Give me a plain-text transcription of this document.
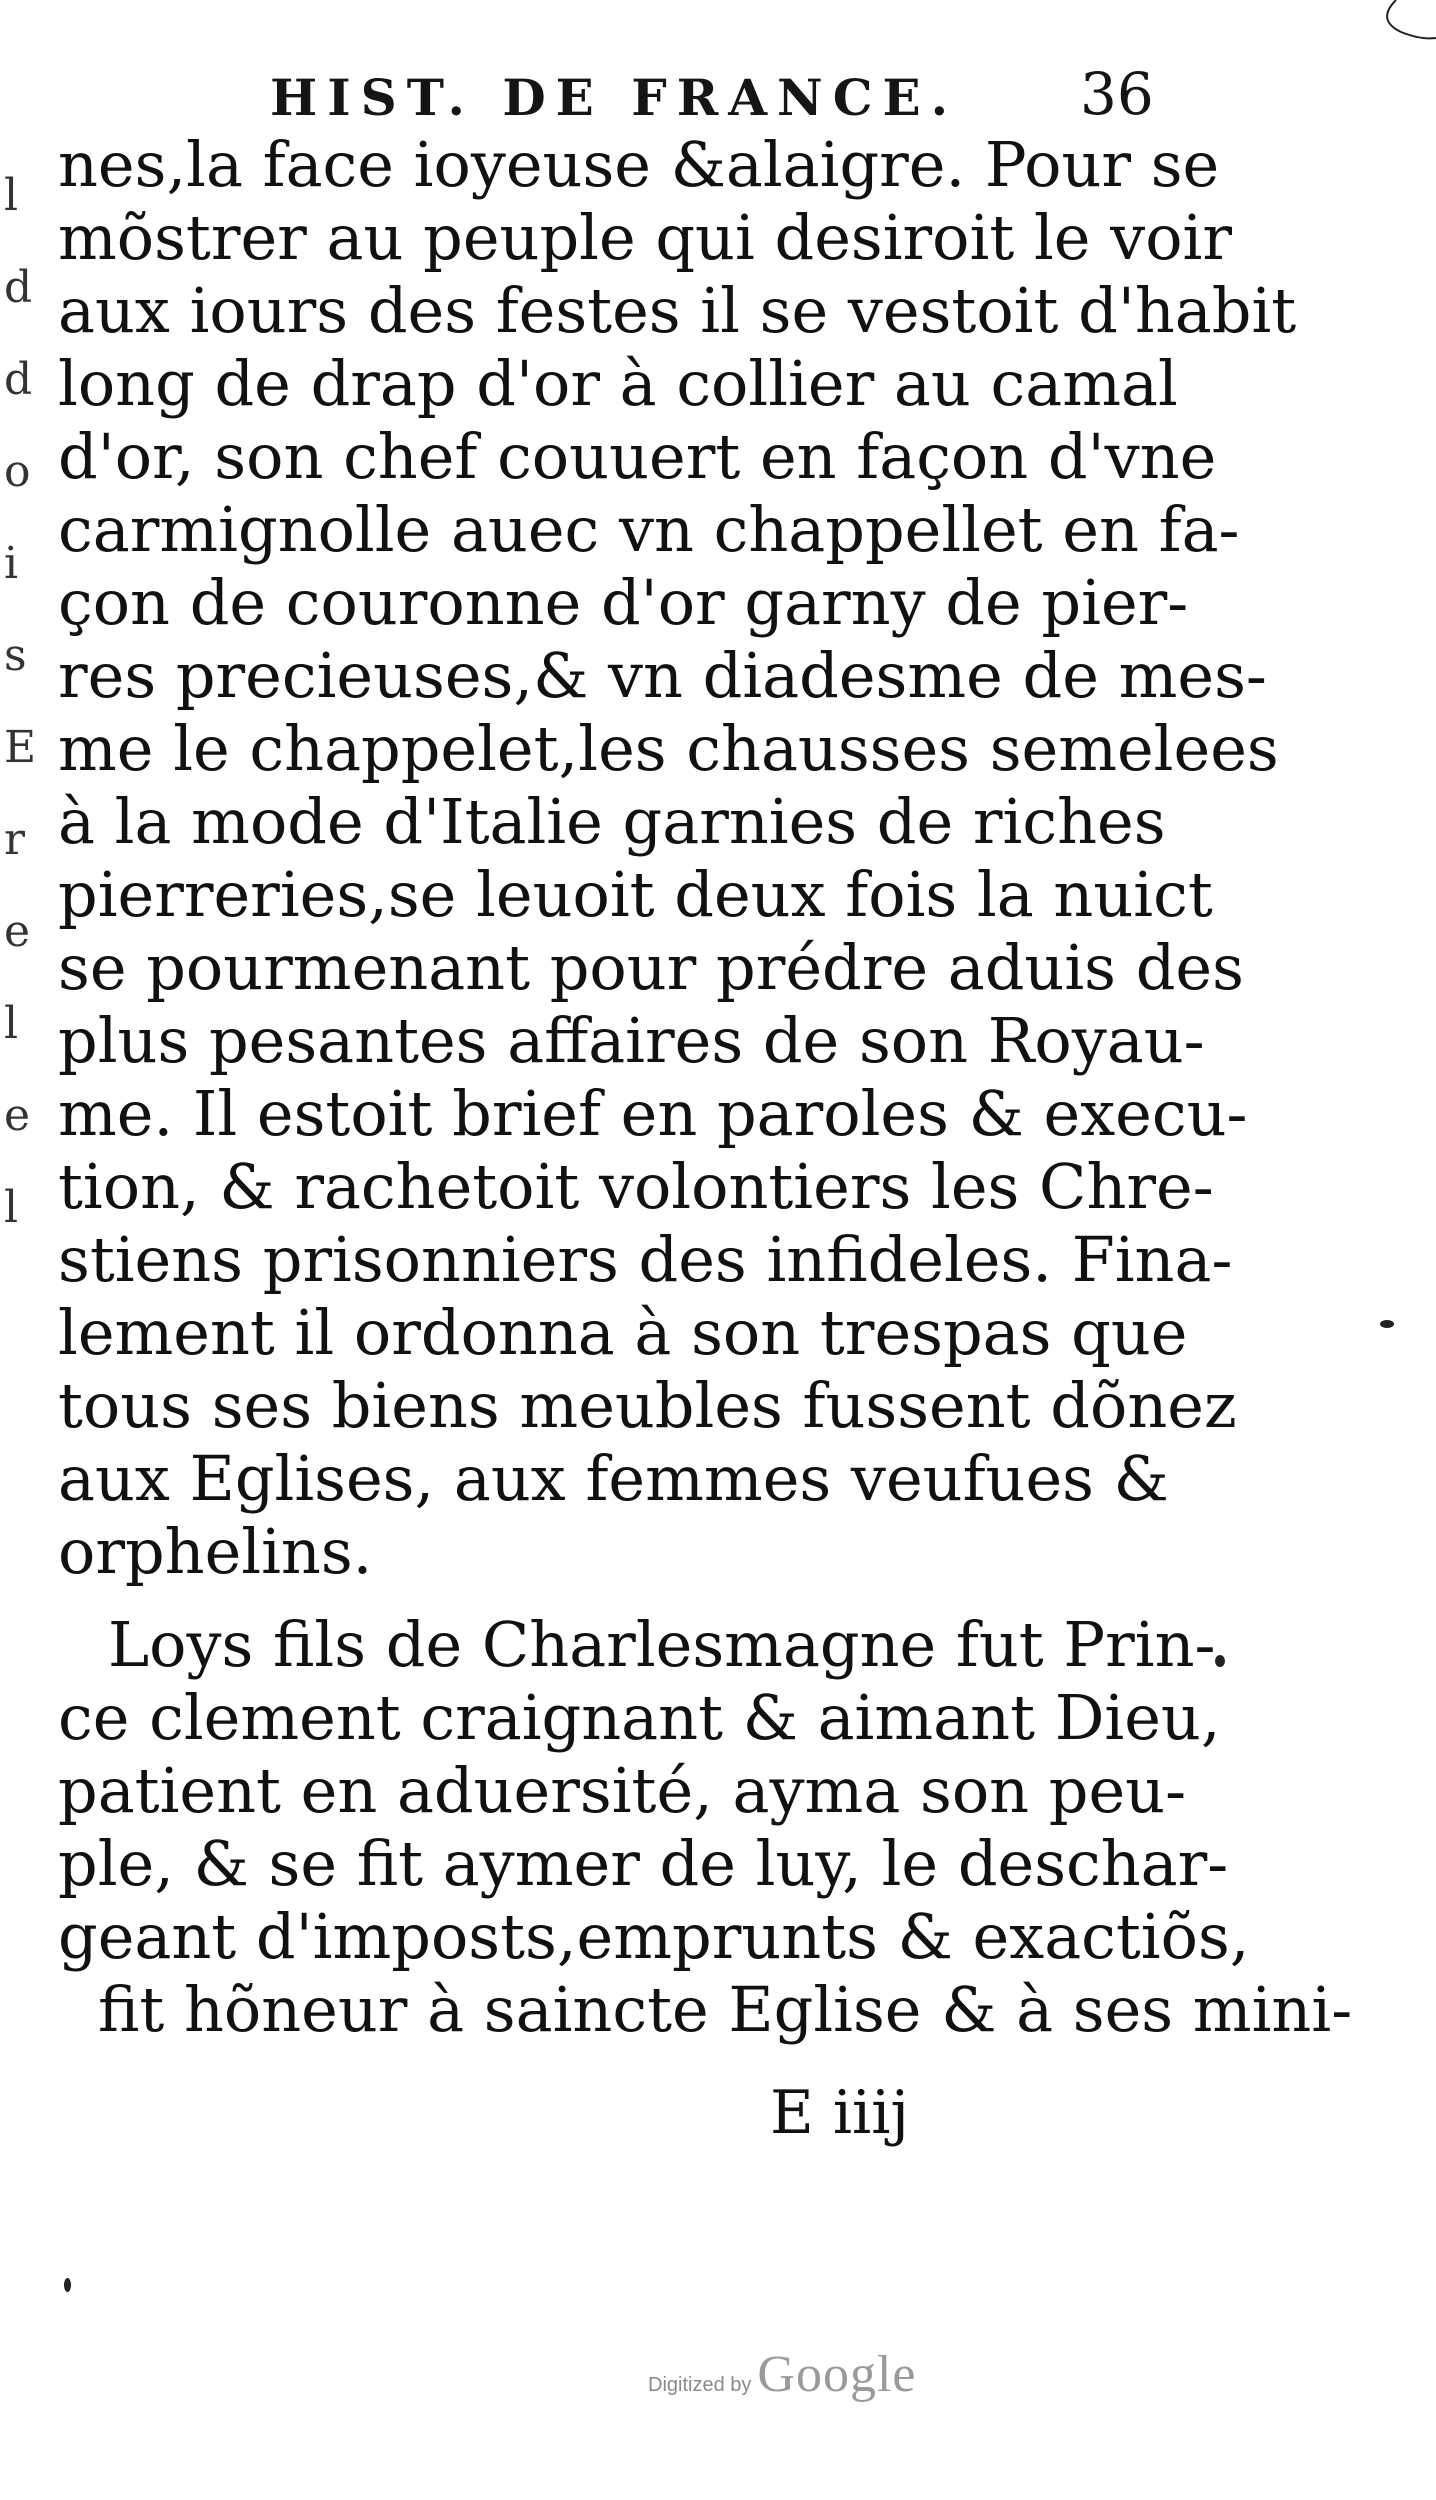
l
d
d
o
i
s
E
r
e
l
e
l
HIST. DE FRANCE. 36
nes,la face ioyeuse &alaigre. Pour se
mõstrer au peuple qui desiroit le voir
aux iours des festes il se vestoit d'habit
long de drap d'or à collier au camal
d'or, son chef couuert en façon d'vne
carmignolle auec vn chappellet en fa-
çon de couronne d'or garny de pier-
res precieuses,& vn diadesme de mes-
me le chappelet,les chausses semelees
à la mode d'Italie garnies de riches
pierreries,se leuoit deux fois la nuict
se pourmenant pour prédre aduis des
plus pesantes affaires de son Royau-
me. Il estoit brief en paroles & execu-
tion, & rachetoit volontiers les Chre-
stiens prisonniers des infideles. Fina-
lement il ordonna à son trespas que
tous ses biens meubles fussent dõnez
aux Eglises, aux femmes veufues &
orphelins.
Loys fils de Charlesmagne fut Prin-
ce clement craignant & aimant Dieu,
patient en aduersité, ayma son peu-
ple, & se fit aymer de luy, le deschar-
geant d'imposts,emprunts & exactiõs,
fit hõneur à saincte Eglise & à ses mini-
E iiij
Digitized by Google
